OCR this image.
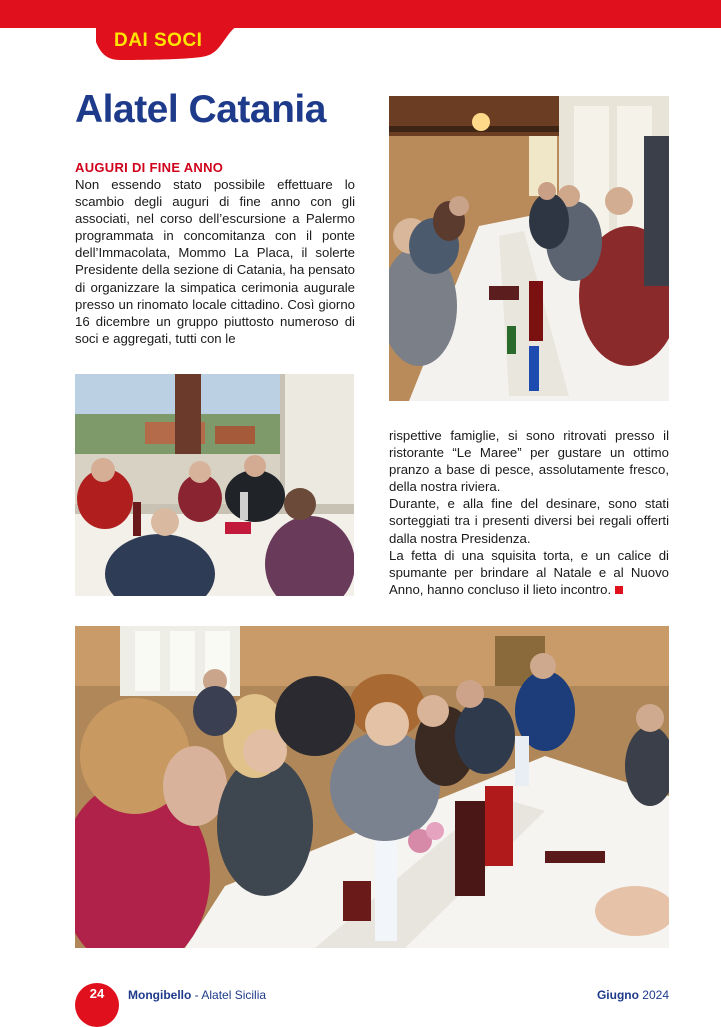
DAI SOCI
Alatel Catania
AUGURI DI FINE ANNO

Non essendo stato possibile effettuare lo scambio degli auguri di fine anno con gli associati, nel corso dell’escursione a Palermo programmata in concomitanza con il ponte dell’Immacolata, Mommo La Placa, il solerte Presidente della sezione di Catania, ha pensato di organizzare la simpatica cerimonia augurale presso un rinomato locale cittadino. Così giorno 16 dicembre un gruppo piuttosto numeroso di soci e aggregati, tutti con le

rispettive famiglie, si sono ritrovati presso il ristorante “Le Maree” per gustare un ottimo pranzo a base di pesce, assolutamente fresco, della nostra riviera.

Durante, e alla fine del desinare, sono stati sorteggiati tra i presenti diversi bei regali offerti dalla nostra Presidenza.

La fetta di una squisita torta, e un calice di spumante per brindare al Natale e al Nuovo Anno, hanno concluso il lieto incontro.

24	Mongibello - Alatel Sicilia	Giugno 2024
